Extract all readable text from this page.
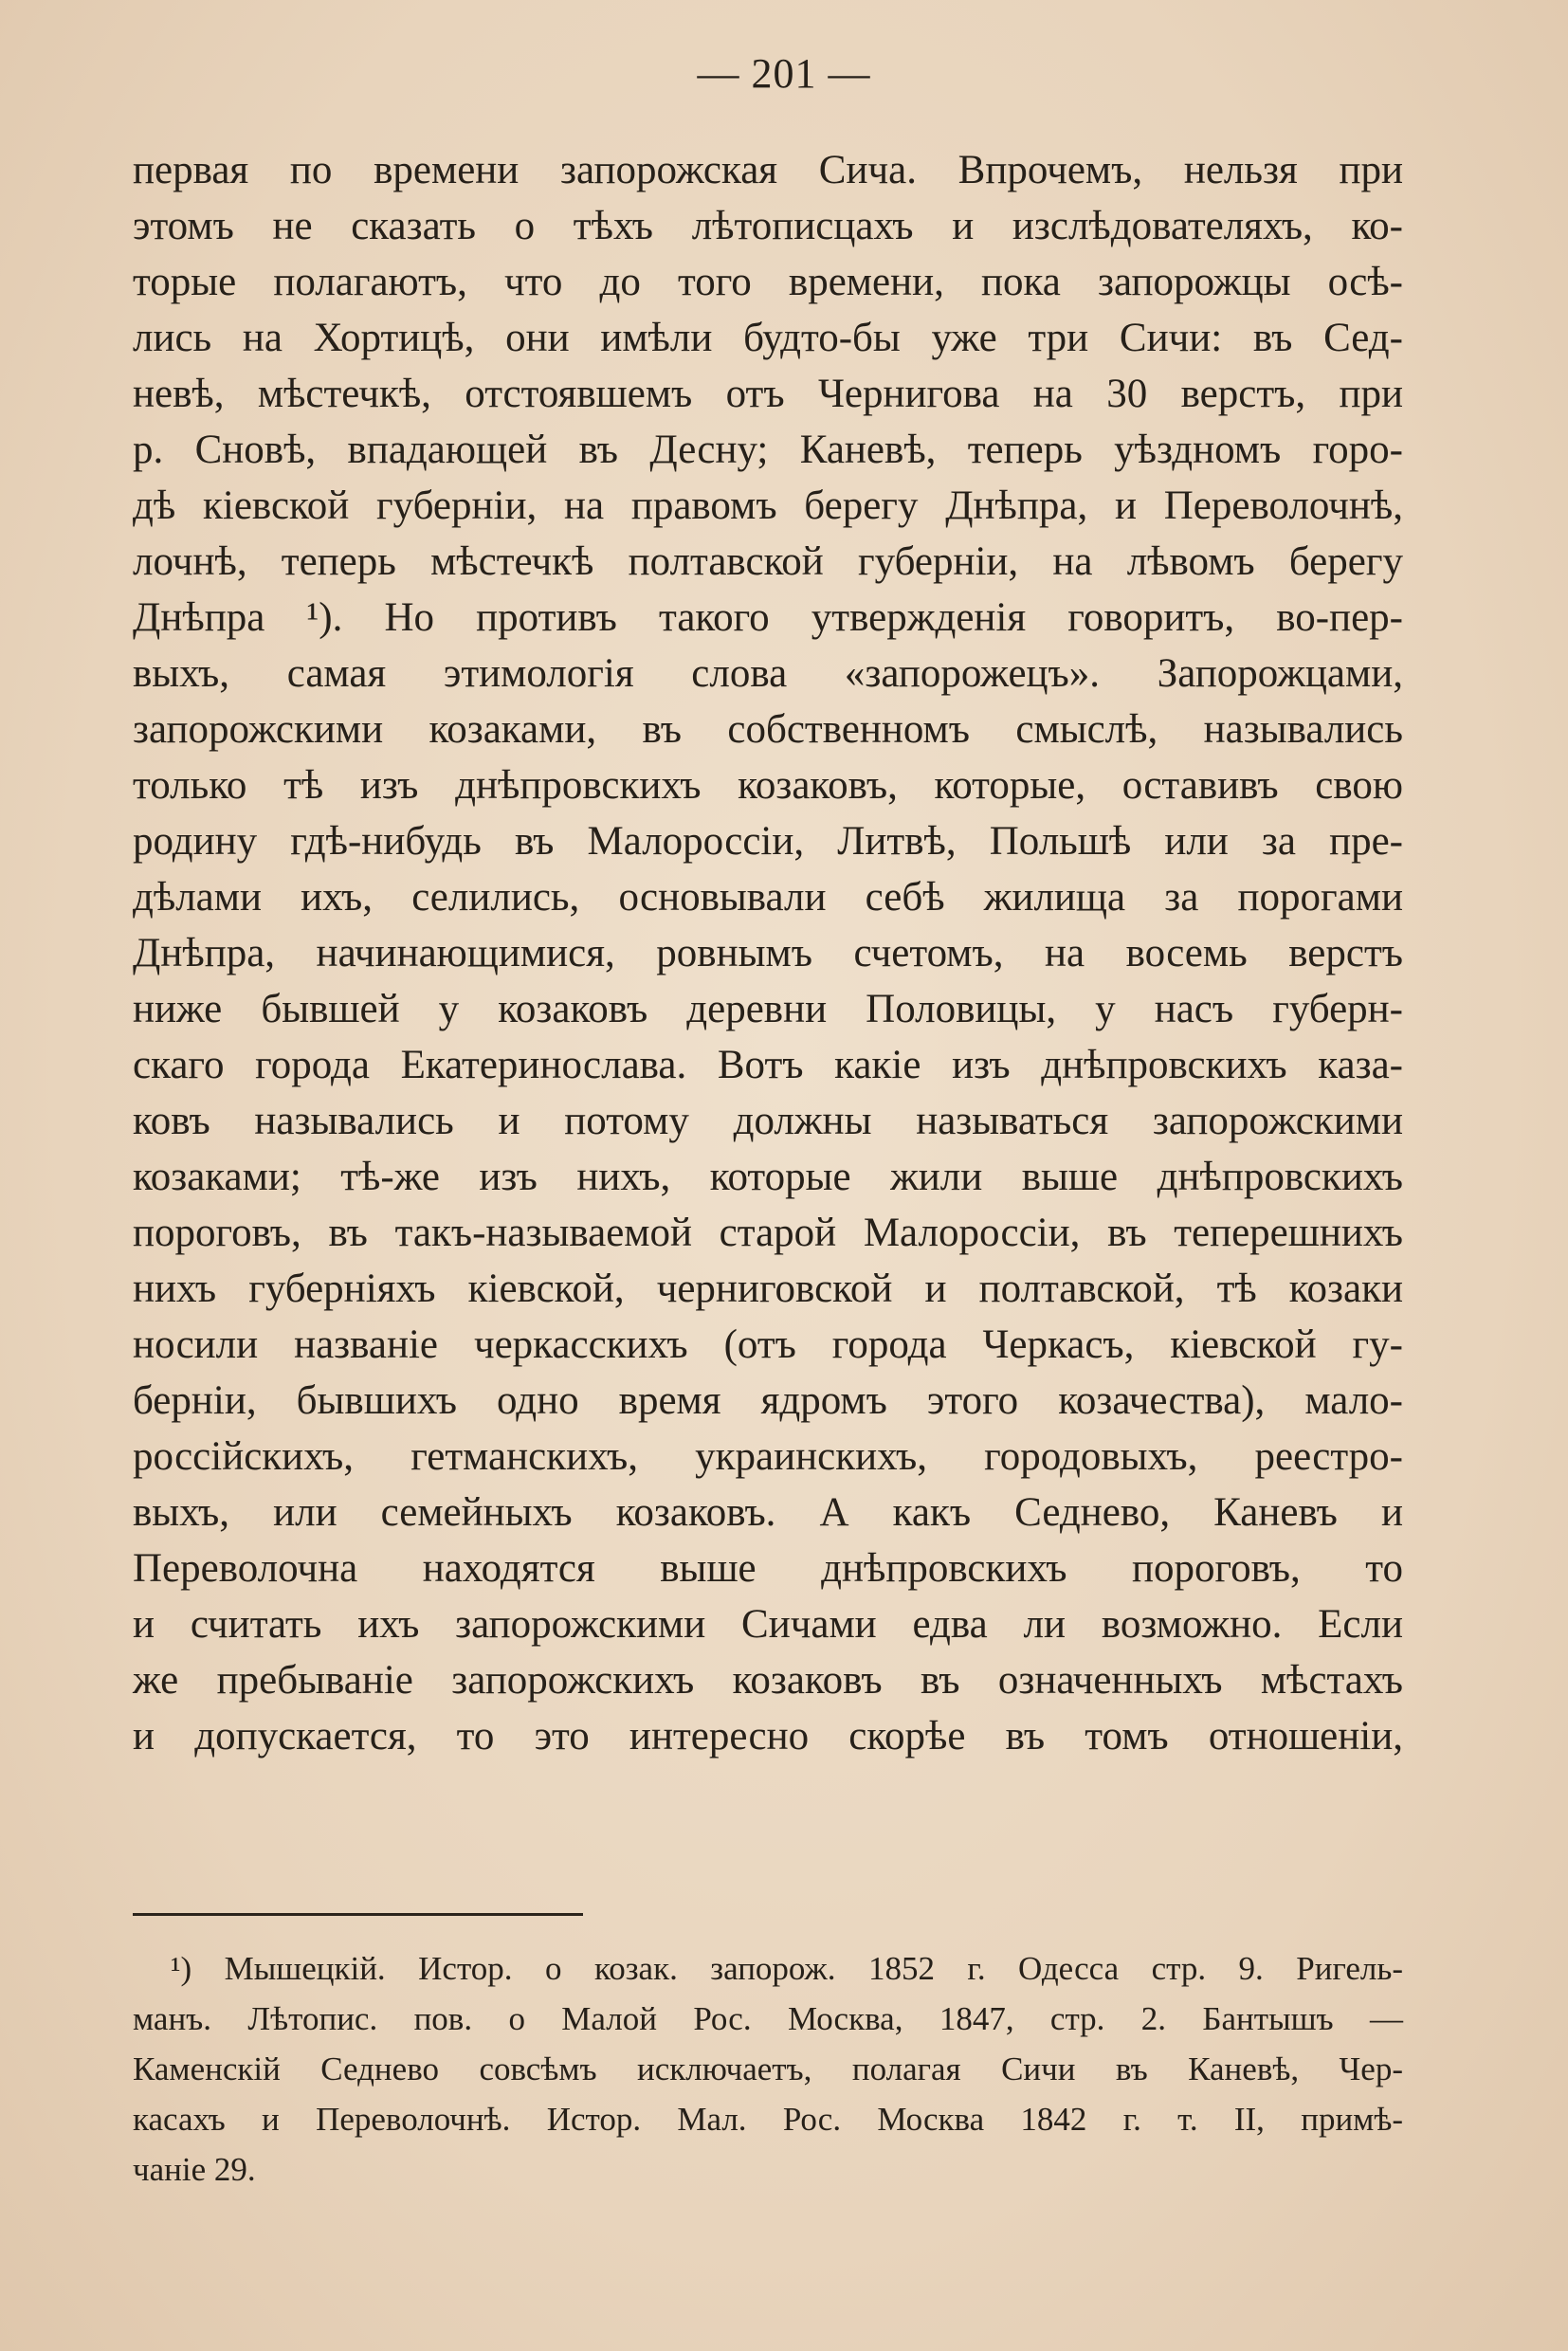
— 201 —
первая по времени запорожская Сича. Впрочемъ, нельзя при
этомъ не сказать о тѣхъ лѣтописцахъ и изслѣдователяхъ, ко-
торые полагаютъ, что до того времени, пока запорожцы осѣ-
лись на Хортицѣ, они имѣли будто-бы уже три Сичи: въ Сед-
невѣ, мѣстечкѣ, отстоявшемъ отъ Чернигова на 30 верстъ, при
р. Сновѣ, впадающей въ Десну; Каневѣ, теперь уѣздномъ горо-
дѣ кіевской губерніи, на правомъ берегу Днѣпра, и Переволочнѣ,
лочнѣ, теперь мѣстечкѣ полтавской губерніи, на лѣвомъ берегу
Днѣпра ¹). Но противъ такого утвержденія говоритъ, во-пер-
выхъ, самая этимологія слова «запорожецъ». Запорожцами,
запорожскими козаками, въ собственномъ смыслѣ, назывались
только тѣ изъ днѣпровскихъ козаковъ, которые, оставивъ свою
родину гдѣ-нибудь въ Малороссіи, Литвѣ, Польшѣ или за пре-
дѣлами ихъ, селились, основывали себѣ жилища за порогами
Днѣпра, начинающимися, ровнымъ счетомъ, на восемь верстъ
ниже бывшей у козаковъ деревни Половицы, у насъ губерн-
скаго города Екатеринослава. Вотъ какіе изъ днѣпровскихъ каза-
ковъ назывались и потому должны называться запорожскими
козаками; тѣ-же изъ нихъ, которые жили выше днѣпровскихъ
пороговъ, въ такъ-называемой старой Малороссіи, въ теперешнихъ
нихъ губерніяхъ кіевской, черниговской и полтавской, тѣ козаки
носили названіе черкасскихъ (отъ города Черкасъ, кіевской гу-
берніи, бывшихъ одно время ядромъ этого козачества), мало-
россійскихъ, гетманскихъ, украинскихъ, городовыхъ, реестро-
выхъ, или семейныхъ козаковъ. А какъ Седнево, Каневъ и
Переволочна находятся выше днѣпровскихъ пороговъ, то
и считать ихъ запорожскими Сичами едва ли возможно. Если
же пребываніе запорожскихъ козаковъ въ означенныхъ мѣстахъ
и допускается, то это интересно скорѣе въ томъ отношеніи,
¹) Мышецкій. Истор. о козак. запорож. 1852 г. Одесса стр. 9. Ригель-
манъ. Лѣтопис. пов. о Малой Рос. Москва, 1847, стр. 2. Бантышъ —
Каменскій Седнево совсѣмъ исключаетъ, полагая Сичи въ Каневѣ, Чер-
касахъ и Переволочнѣ. Истор. Мал. Рос. Москва 1842 г. т. II, примѣ-
чаніе 29.
